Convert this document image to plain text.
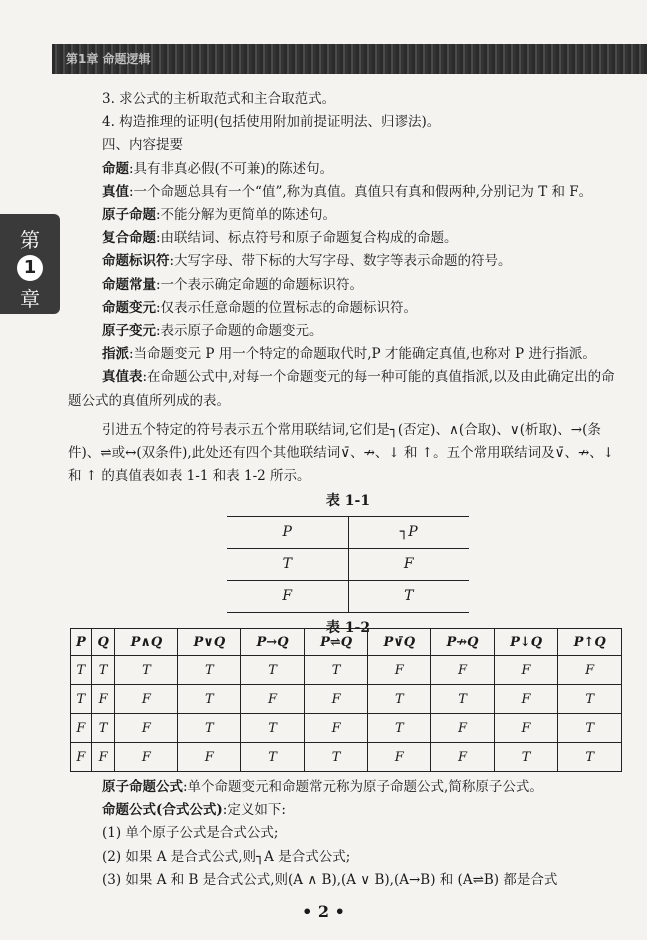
第1章 命题逻辑
第
1
章

3. 求公式的主析取范式和主合取范式。

4. 构造推理的证明(包括使用附加前提证明法、归谬法)。

四、内容提要

命题:具有非真必假(不可兼)的陈述句。

真值:一个命题总具有一个“值”,称为真值。真值只有真和假两种,分别记为 T 和 F。

原子命题:不能分解为更简单的陈述句。

复合命题:由联结词、标点符号和原子命题复合构成的命题。

命题标识符:大写字母、带下标的大写字母、数字等表示命题的符号。

命题常量:一个表示确定命题的命题标识符。

命题变元:仅表示任意命题的位置标志的命题标识符。

原子变元:表示原子命题的命题变元。

指派:当命题变元 P 用一个特定的命题取代时,P 才能确定真值,也称对 P 进行指派。

真值表:在命题公式中,对每一个命题变元的每一种可能的真值指派,以及由此确定出的命题公式的真值所列成的表。

引进五个特定的符号表示五个常用联结词,它们是┐(否定)、∧(合取)、∨(析取)、→(条件)、⇌或↔(双条件),此处还有四个其他联结词∨̄、↛、↓ 和 ↑。五个常用联结词及∨̄、↛、↓ 和 ↑ 的真值表如表 1-1 和表 1-2 所示。

表 1-1
P	┐P
T	F
F	T
表 1-2
P	Q	P∧Q	P∨Q	P→Q	P⇌Q	P∨̄Q	P↛Q	P↓Q	P↑Q
T	T	T	T	T	T	F	F	F	F
T	F	F	T	F	F	T	T	F	T
F	T	F	T	T	F	T	F	F	T
F	F	F	F	T	T	F	F	T	T

原子命题公式:单个命题变元和命题常元称为原子命题公式,简称原子公式。

命题公式(合式公式):定义如下:

(1) 单个原子公式是合式公式;

(2) 如果 A 是合式公式,则┐A 是合式公式;

(3) 如果 A 和 B 是合式公式,则(A ∧ B),(A ∨ B),(A→B) 和 (A⇌B) 都是合式

• 2 •
